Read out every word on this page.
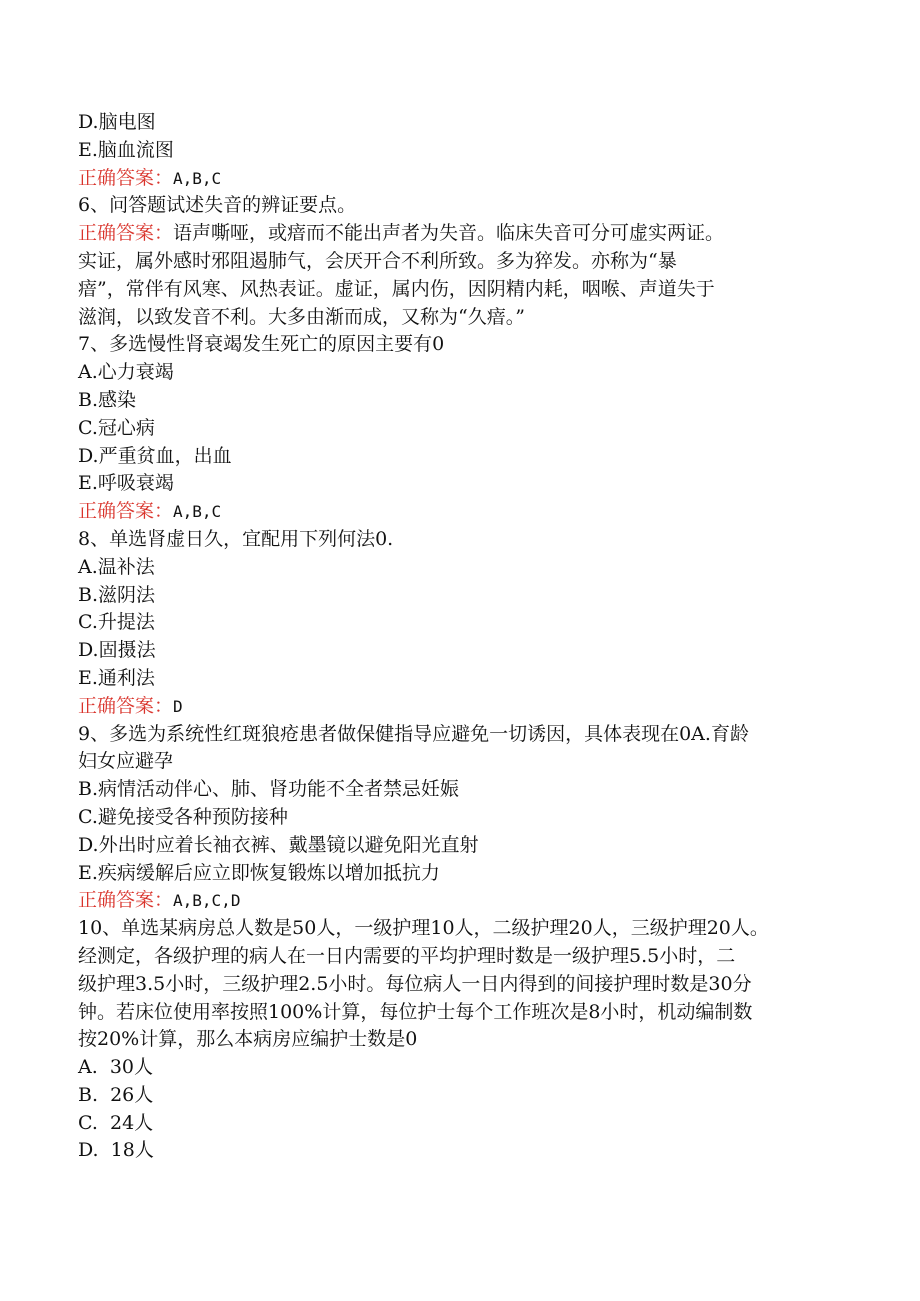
D.脑电图
E.脑血流图
正确答案：A,B,C
6、问答题试述失音的辨证要点。
正确答案：语声嘶哑，或瘖而不能出声者为失音。临床失音可分可虚实两证。
实证，属外感时邪阻遏肺气，会厌开合不利所致。多为猝发。亦称为“暴
瘖”，常伴有风寒、风热表证。虚证，属内伤，因阴精内耗，咽喉、声道失于
滋润，以致发音不利。大多由渐而成，又称为“久瘖。”
7、多选慢性肾衰竭发生死亡的原因主要有0
A.心力衰竭
B.感染
C.冠心病
D.严重贫血，出血
E.呼吸衰竭
正确答案：A,B,C
8、单选肾虚日久，宜配用下列何法0.
A.温补法
B.滋阴法
C.升提法
D.固摄法
E.通利法
正确答案：D
9、多选为系统性红斑狼疮患者做保健指导应避免一切诱因，具体表现在0A.育龄
妇女应避孕
B.病情活动伴心、肺、肾功能不全者禁忌妊娠
C.避免接受各种预防接种
D.外出时应着长袖衣裤、戴墨镜以避免阳光直射
E.疾病缓解后应立即恢复锻炼以增加抵抗力
正确答案：A,B,C,D
10、单选某病房总人数是50人，一级护理10人，二级护理20人，三级护理20人。
经测定，各级护理的病人在一日内需要的平均护理时数是一级护理5.5小时，二
级护理3.5小时，三级护理2.5小时。每位病人一日内得到的间接护理时数是30分
钟。若床位使用率按照100%计算，每位护士每个工作班次是8小时，机动编制数
按20%计算，那么本病房应编护士数是0
A.  30人
B.  26人
C.  24人
D.  18人
